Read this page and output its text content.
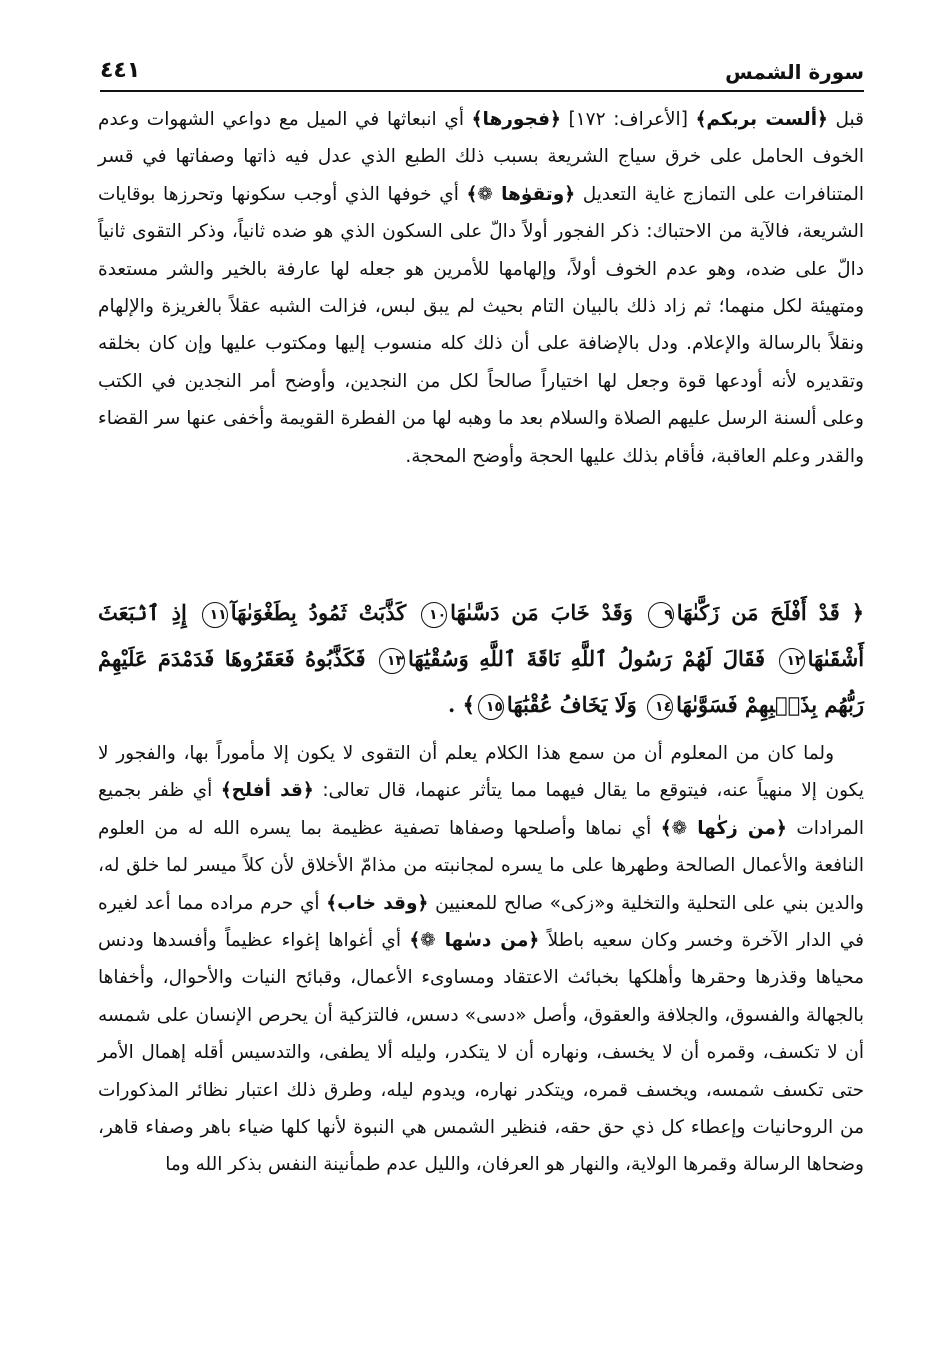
سورة الشمس
٤٤١
قبل ﴿ألست بربكم﴾ [الأعراف: ١٧٢] ﴿فجورها﴾ أي انبعاثها في الميل مع دواعي الشهوات وعدم الخوف الحامل على خرق سياج الشريعة بسبب ذلك الطبع الذي عدل فيه ذاتها وصفاتها في قسر المتنافرات على التمازج غاية التعديل ﴿وتقوٰها ❁﴾ أي خوفها الذي أوجب سكونها وتحرزها بوقايات الشريعة، فالآية من الاحتباك: ذكر الفجور أولاً دالّ على السكون الذي هو ضده ثانياً، وذكر التقوى ثانياً دالّ على ضده، وهو عدم الخوف أولاً، وإلهامها للأمرين هو جعله لها عارفة بالخير والشر مستعدة ومتهيئة لكل منهما؛ ثم زاد ذلك بالبيان التام بحيث لم يبق لبس، فزالت الشبه عقلاً بالغريزة والإلهام ونقلاً بالرسالة والإعلام. ودل بالإضافة على أن ذلك كله منسوب إليها ومكتوب عليها وإن كان بخلقه وتقديره لأنه أودعها قوة وجعل لها اختياراً صالحاً لكل من النجدين، وأوضح أمر النجدين في الكتب وعلى ألسنة الرسل عليهم الصلاة والسلام بعد ما وهبه لها من الفطرة القويمة وأخفى عنها سر القضاء والقدر وعلم العاقبة، فأقام بذلك عليها الحجة وأوضح المحجة.
﴿ قَدْ أَفْلَحَ مَن زَكَّىٰهَا٩ وَقَدْ خَابَ مَن دَسَّىٰهَا١٠ كَذَّبَتْ ثَمُودُ بِطَغْوَىٰهَآ١١ إِذِ ٱنۢبَعَثَ أَشْقَىٰهَا١٢ فَقَالَ لَهُمْ رَسُولُ ٱللَّهِ نَاقَةَ ٱللَّهِ وَسُقْيَٰهَا١٣ فَكَذَّبُوهُ فَعَقَرُوهَا فَدَمْدَمَ عَلَيْهِمْ رَبُّهُم بِذَنۢبِهِمْ فَسَوَّىٰهَا١٤ وَلَا يَخَافُ عُقْبَٰهَا١٥﴾ .
ولما كان من المعلوم أن من سمع هذا الكلام يعلم أن التقوى لا يكون إلا مأموراً بها، والفجور لا يكون إلا منهياً عنه، فيتوقع ما يقال فيهما مما يتأثر عنهما، قال تعالى: ﴿قد أفلح﴾ أي ظفر بجميع المرادات ﴿من زكٰها ❁﴾ أي نماها وأصلحها وصفاها تصفية عظيمة بما يسره الله له من العلوم النافعة والأعمال الصالحة وطهرها على ما يسره لمجانبته من مذامّ الأخلاق لأن كلاً ميسر لما خلق له، والدين بني على التحلية والتخلية و«زكى» صالح للمعنيين ﴿وقد خاب﴾ أي حرم مراده مما أعد لغيره في الدار الآخرة وخسر وكان سعيه باطلاً ﴿من دسٰها ❁﴾ أي أغواها إغواء عظيماً وأفسدها ودنس محياها وقذرها وحقرها وأهلكها بخبائث الاعتقاد ومساوىء الأعمال، وقبائح النيات والأحوال، وأخفاها بالجهالة والفسوق، والجلافة والعقوق، وأصل «دسى» دسس، فالتزكية أن يحرص الإنسان على شمسه أن لا تكسف، وقمره أن لا يخسف، ونهاره أن لا يتكدر، وليله ألا يطفى، والتدسيس أقله إهمال الأمر حتى تكسف شمسه، ويخسف قمره، ويتكدر نهاره، ويدوم ليله، وطرق ذلك اعتبار نظائر المذكورات من الروحانيات وإعطاء كل ذي حق حقه، فنظير الشمس هي النبوة لأنها كلها ضياء باهر وصفاء قاهر، وضحاها الرسالة وقمرها الولاية، والنهار هو العرفان، والليل عدم طمأنينة النفس بذكر الله وما
